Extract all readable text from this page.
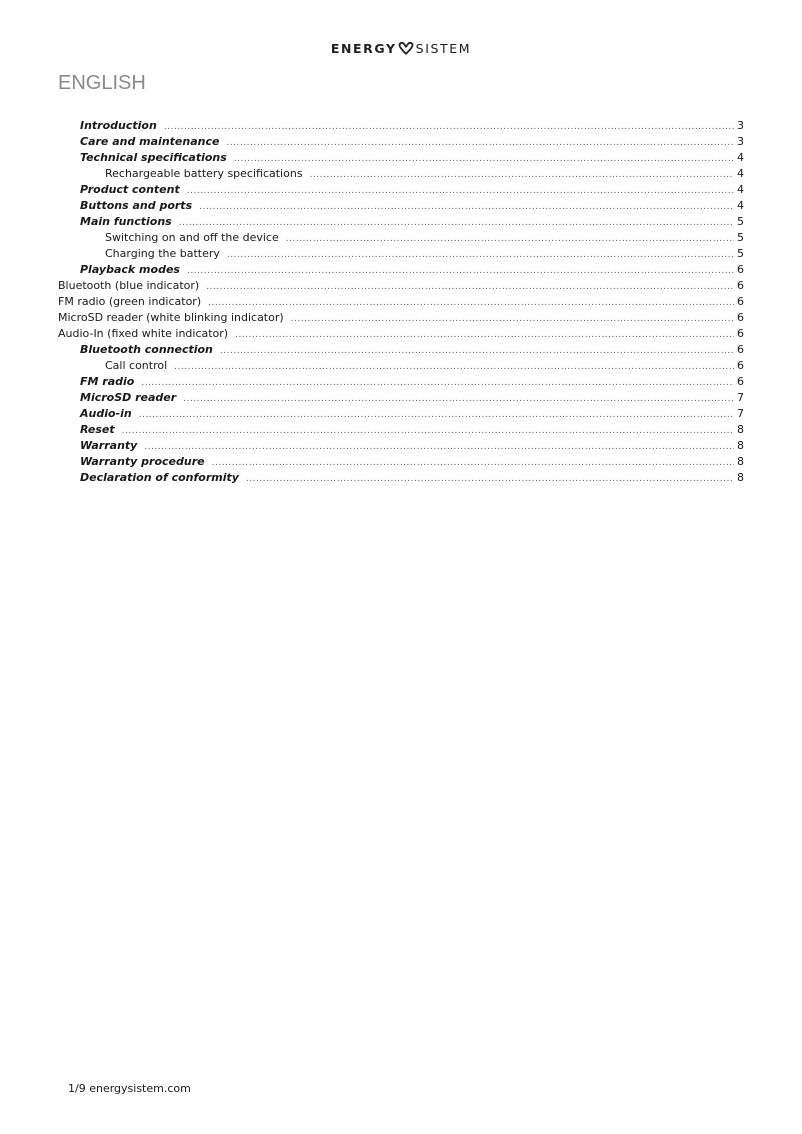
ENERGY SISTEM
ENGLISH
Introduction .....	3
Care and maintenance .....	3
Technical specifications .....	4
Rechargeable battery specifications .....	4
Product content .....	4
Buttons and ports .....	4
Main functions .....	5
Switching on and off the device .....	5
Charging the battery .....	5
Playback modes .....	6
Bluetooth (blue indicator) .....	6
FM radio (green indicator) .....	6
MicroSD reader (white blinking indicator) .....	6
Audio-In (fixed white indicator) .....	6
Bluetooth connection .....	6
Call control .....	6
FM radio .....	6
MicroSD reader .....	7
Audio-in .....	7
Reset .....	8
Warranty .....	8
Warranty procedure .....	8
Declaration of conformity .....	8
1/9 energysistem.com
